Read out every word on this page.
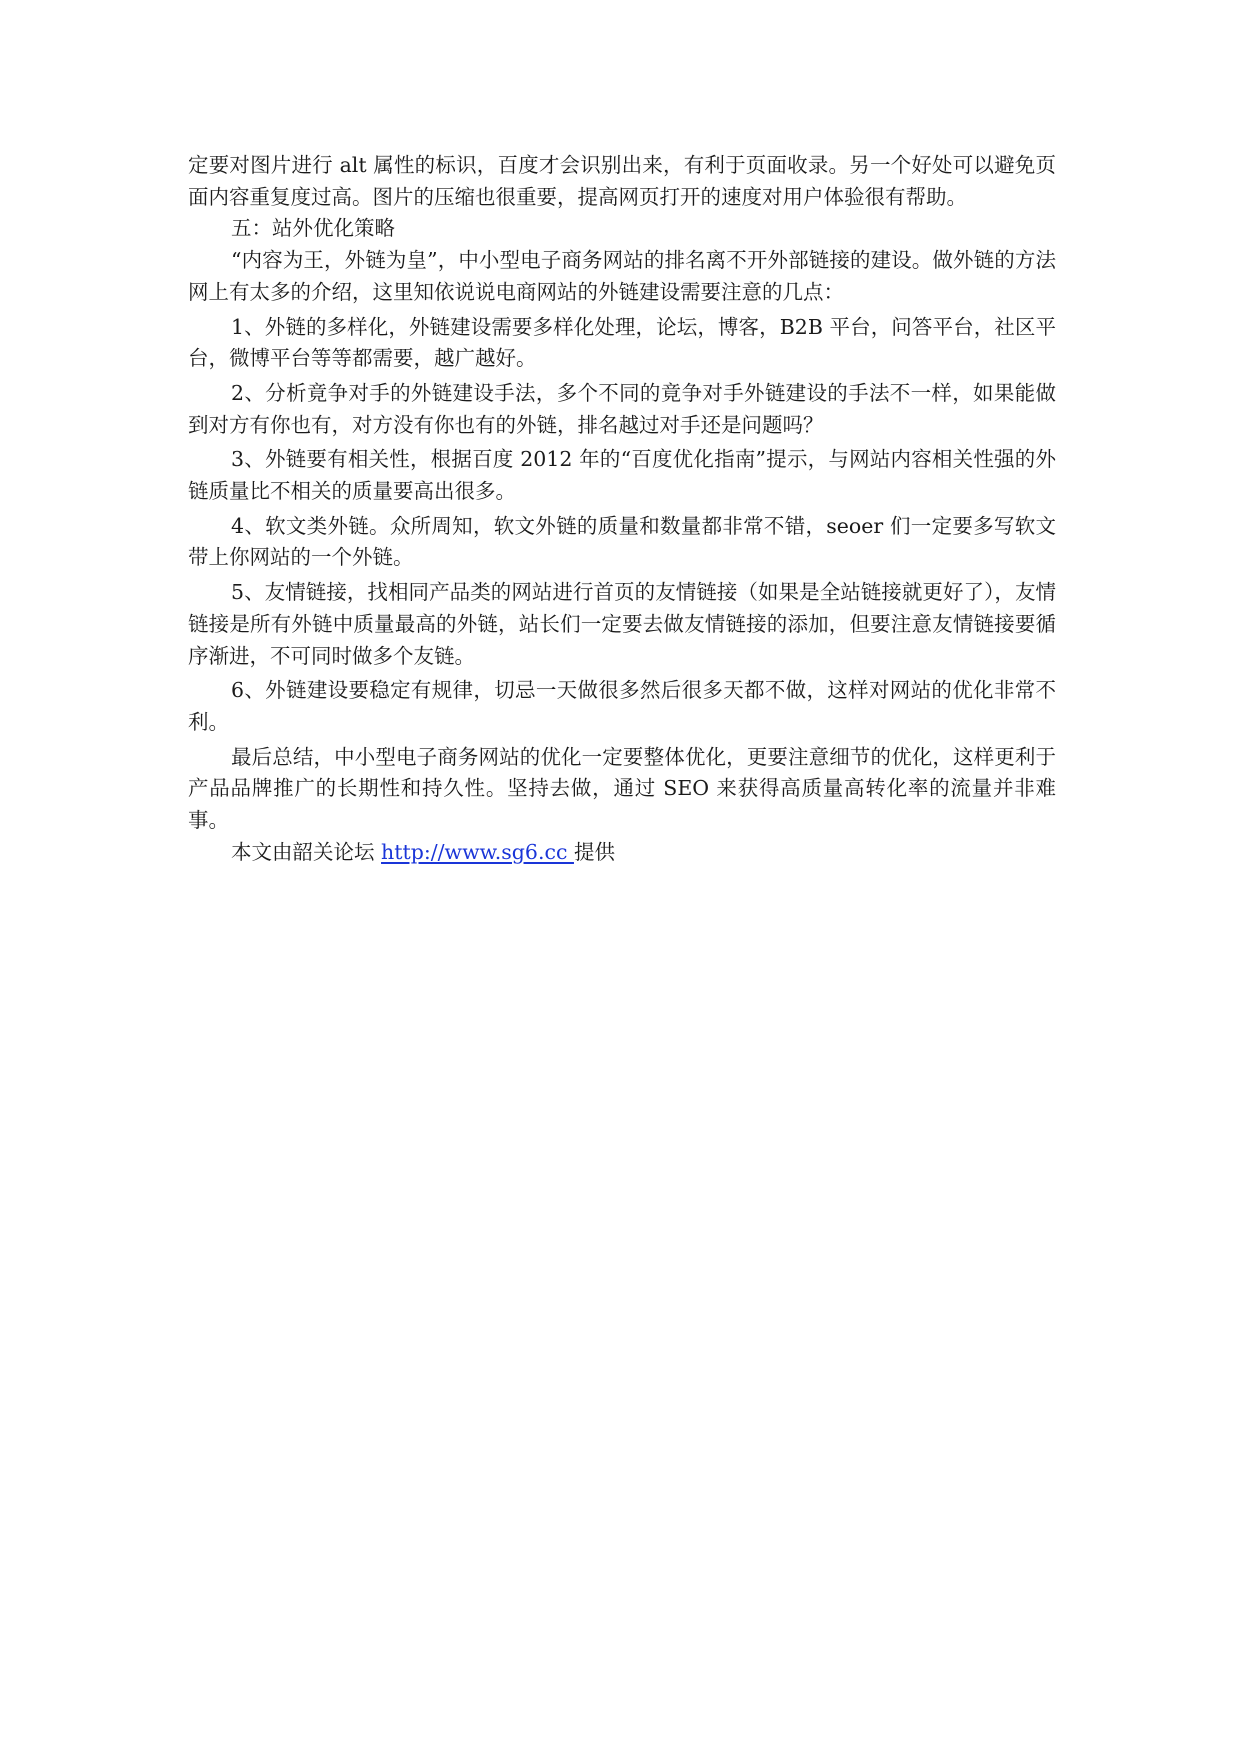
定要对图片进行 alt 属性的标识，百度才会识别出来，有利于页面收录。另一个好处可以避免页面内容重复度过高。图片的压缩也很重要，提高网页打开的速度对用户体验很有帮助。

五：站外优化策略

“内容为王，外链为皇”，中小型电子商务网站的排名离不开外部链接的建设。做外链的方法网上有太多的介绍，这里知依说说电商网站的外链建设需要注意的几点：

1、外链的多样化，外链建设需要多样化处理，论坛，博客，B2B 平台，问答平台，社区平台，微博平台等等都需要，越广越好。

2、分析竟争对手的外链建设手法，多个不同的竟争对手外链建设的手法不一样，如果能做到对方有你也有，对方没有你也有的外链，排名越过对手还是问题吗？

3、外链要有相关性，根据百度 2012 年的“百度优化指南”提示，与网站内容相关性强的外链质量比不相关的质量要高出很多。

4、软文类外链。众所周知，软文外链的质量和数量都非常不错，seoer 们一定要多写软文带上你网站的一个外链。

5、友情链接，找相同产品类的网站进行首页的友情链接（如果是全站链接就更好了），友情链接是所有外链中质量最高的外链，站长们一定要去做友情链接的添加，但要注意友情链接要循序渐进，不可同时做多个友链。

6、外链建设要稳定有规律，切忌一天做很多然后很多天都不做，这样对网站的优化非常不利。

最后总结，中小型电子商务网站的优化一定要整体优化，更要注意细节的优化，这样更利于产品品牌推广的长期性和持久性。坚持去做，通过 SEO 来获得高质量高转化率的流量并非难事。

本文由韶关论坛 http://www.sg6.cc 提供
